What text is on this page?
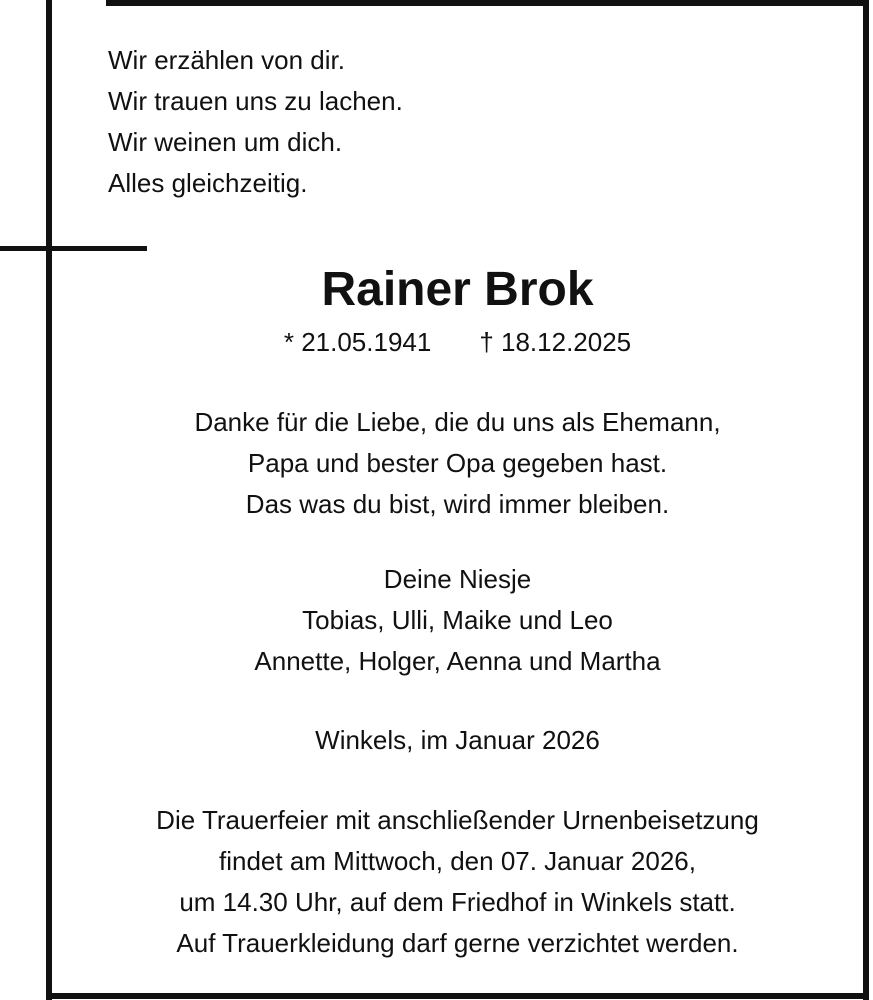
Wir erzählen von dir.
Wir trauen uns zu lachen.
Wir weinen um dich.
Alles gleichzeitig.
Rainer Brok
* 21.05.1941 † 18.12.2025
Danke für die Liebe, die du uns als Ehemann,
Papa und bester Opa gegeben hast.
Das was du bist, wird immer bleiben.
Deine Niesje
Tobias, Ulli, Maike und Leo
Annette, Holger, Aenna und Martha
Winkels, im Januar 2026
Die Trauerfeier mit anschließender Urnenbeisetzung
findet am Mittwoch, den 07. Januar 2026,
um 14.30 Uhr, auf dem Friedhof in Winkels statt.
Auf Trauerkleidung darf gerne verzichtet werden.
